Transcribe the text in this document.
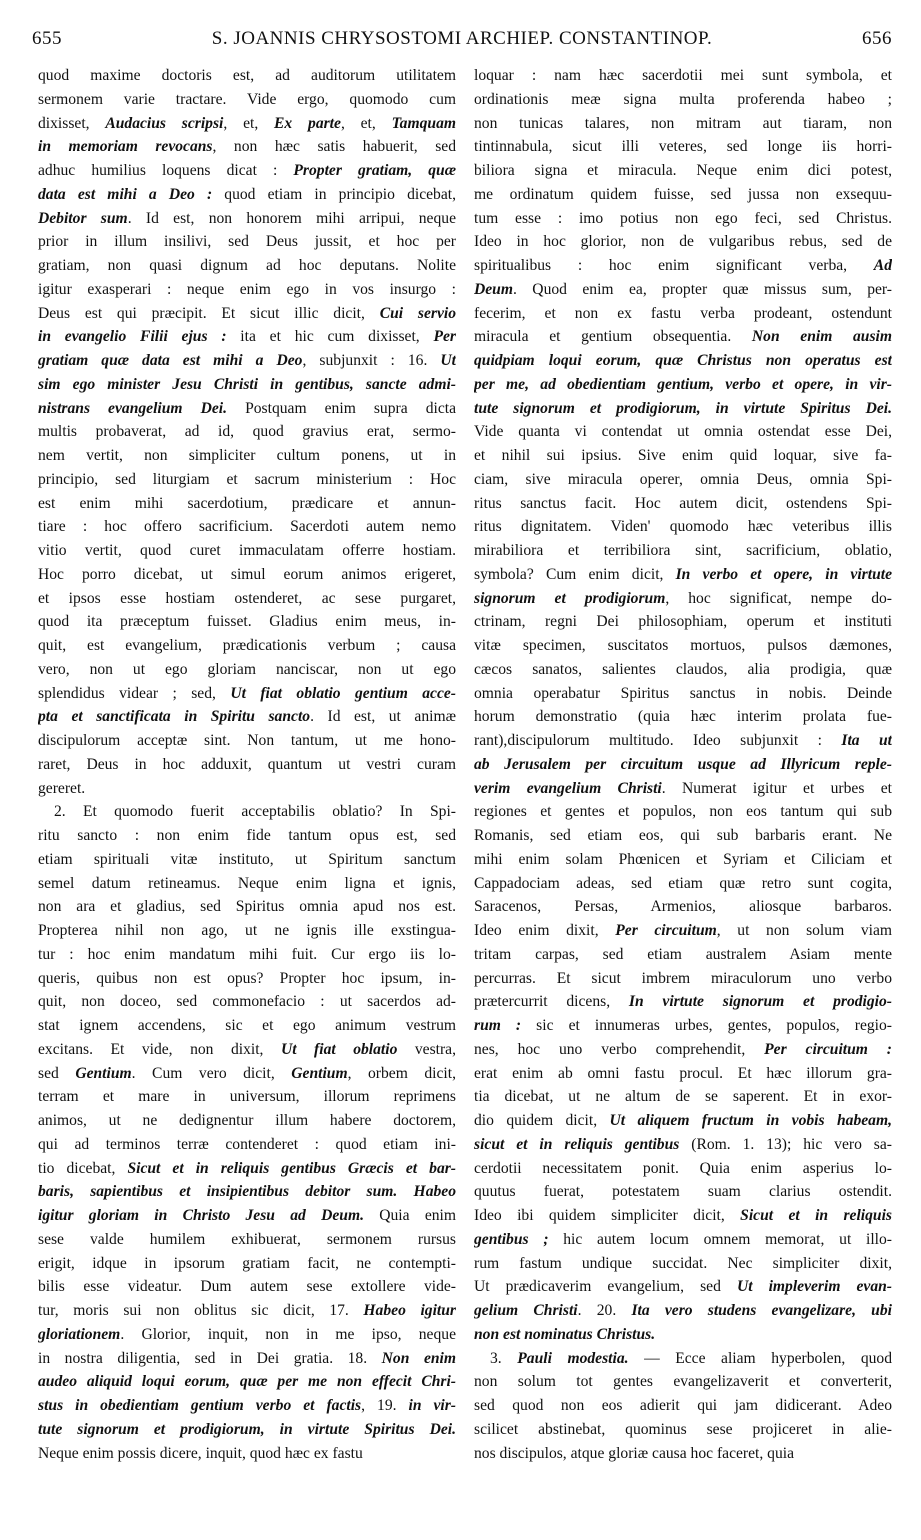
655	S. JOANNIS CHRYSOSTOMI ARCHIEP. CONSTANTINOP.	656
quod maxime doctoris est, ad auditorum utilitatem
sermonem varie tractare. Vide ergo, quomodo cum
dixisset, Audacius scripsi, et, Ex parte, et, Tamquam
in memoriam revocans, non hæc satis habuerit, sed
adhuc humilius loquens dicat : Propter gratiam, quæ
data est mihi a Deo : quod etiam in principio dicebat,
Debitor sum. Id est, non honorem mihi arripui, neque
prior in illum insilivi, sed Deus jussit, et hoc per
gratiam, non quasi dignum ad hoc deputans. Nolite
igitur exasperari : neque enim ego in vos insurgo :
Deus est qui præcipit. Et sicut illic dicit, Cui servio
in evangelio Filii ejus : ita et hic cum dixisset, Per
gratiam quæ data est mihi a Deo, subjunxit : 16. Ut
sim ego minister Jesu Christi in gentibus, sancte admi-
nistrans evangelium Dei. Postquam enim supra dicta
multis probaverat, ad id, quod gravius erat, sermo-
nem vertit, non simpliciter cultum ponens, ut in
principio, sed liturgiam et sacrum ministerium : Hoc
est enim mihi sacerdotium, prædicare et annun-
tiare : hoc offero sacrificium. Sacerdoti autem nemo
vitio vertit, quod curet immaculatam offerre hostiam.
Hoc porro dicebat, ut simul eorum animos erigeret,
et ipsos esse hostiam ostenderet, ac sese purgaret,
quod ita præceptum fuisset. Gladius enim meus, in-
quit, est evangelium, prædicationis verbum ; causa
vero, non ut ego gloriam nanciscar, non ut ego
splendidus videar ; sed, Ut fiat oblatio gentium acce-
pta et sanctificata in Spiritu sancto. Id est, ut animæ
discipulorum acceptæ sint. Non tantum, ut me hono-
raret, Deus in hoc adduxit, quantum ut vestri curam
gereret.
2. Et quomodo fuerit acceptabilis oblatio? In Spi-
ritu sancto : non enim fide tantum opus est, sed
etiam spirituali vitæ instituto, ut Spiritum sanctum
semel datum retineamus. Neque enim ligna et ignis,
non ara et gladius, sed Spiritus omnia apud nos est.
Propterea nihil non ago, ut ne ignis ille exstingua-
tur : hoc enim mandatum mihi fuit. Cur ergo iis lo-
queris, quibus non est opus? Propter hoc ipsum, in-
quit, non doceo, sed commonefacio : ut sacerdos ad-
stat ignem accendens, sic et ego animum vestrum
excitans. Et vide, non dixit, Ut fiat oblatio vestra,
sed Gentium. Cum vero dicit, Gentium, orbem dicit,
terram et mare in universum, illorum reprimens
animos, ut ne dedignentur illum habere doctorem,
qui ad terminos terræ contenderet : quod etiam ini-
tio dicebat, Sicut et in reliquis gentibus Græcis et bar-
baris, sapientibus et insipientibus debitor sum. Habeo
igitur gloriam in Christo Jesu ad Deum. Quia enim
sese valde humilem exhibuerat, sermonem rursus
erigit, idque in ipsorum gratiam facit, ne contempti-
bilis esse videatur. Dum autem sese extollere vide-
tur, moris sui non oblitus sic dicit, 17. Habeo igitur
gloriationem. Glorior, inquit, non in me ipso, neque
in nostra diligentia, sed in Dei gratia. 18. Non enim
audeo aliquid loqui eorum, quæ per me non effecit Chri-
stus in obedientiam gentium verbo et factis, 19. in vir-
tute signorum et prodigiorum, in virtute Spiritus Dei.
Neque enim possis dicere, inquit, quod hæc ex fastu
loquar : nam hæc sacerdotii mei sunt symbola, et
ordinationis meæ signa multa proferenda habeo ;
non tunicas talares, non mitram aut tiaram, non
tintinnabula, sicut illi veteres, sed longe iis horri-
biliora signa et miracula. Neque enim dici potest,
me ordinatum quidem fuisse, sed jussa non exsequu-
tum esse : imo potius non ego feci, sed Christus.
Ideo in hoc glorior, non de vulgaribus rebus, sed de
spiritualibus : hoc enim significant verba, Ad
Deum. Quod enim ea, propter quæ missus sum, per-
fecerim, et non ex fastu verba prodeant, ostendunt
miracula et gentium obsequentia. Non enim ausim
quidpiam loqui eorum, quæ Christus non operatus est
per me, ad obedientiam gentium, verbo et opere, in vir-
tute signorum et prodigiorum, in virtute Spiritus Dei.
Vide quanta vi contendat ut omnia ostendat esse Dei,
et nihil sui ipsius. Sive enim quid loquar, sive fa-
ciam, sive miracula operer, omnia Deus, omnia Spi-
ritus sanctus facit. Hoc autem dicit, ostendens Spi-
ritus dignitatem. Viden' quomodo hæc veteribus illis
mirabiliora et terribiliora sint, sacrificium, oblatio,
symbola? Cum enim dicit, In verbo et opere, in virtute
signorum et prodigiorum, hoc significat, nempe do-
ctrinam, regni Dei philosophiam, operum et instituti
vitæ specimen, suscitatos mortuos, pulsos dæmones,
cæcos sanatos, salientes claudos, alia prodigia, quæ
omnia operabatur Spiritus sanctus in nobis. Deinde
horum demonstratio (quia hæc interim prolata fue-
rant),discipulorum multitudo. Ideo subjunxit : Ita ut
ab Jerusalem per circuitum usque ad Illyricum reple-
verim evangelium Christi. Numerat igitur et urbes et
regiones et gentes et populos, non eos tantum qui sub
Romanis, sed etiam eos, qui sub barbaris erant. Ne
mihi enim solam Phœnicen et Syriam et Ciliciam et
Cappadociam adeas, sed etiam quæ retro sunt cogita,
Saracenos, Persas, Armenios, aliosque barbaros.
Ideo enim dixit, Per circuitum, ut non solum viam
tritam carpas, sed etiam australem Asiam mente
percurras. Et sicut imbrem miraculorum uno verbo
prætercurrit dicens, In virtute signorum et prodigio-
rum : sic et innumeras urbes, gentes, populos, regio-
nes, hoc uno verbo comprehendit, Per circuitum :
erat enim ab omni fastu procul. Et hæc illorum gra-
tia dicebat, ut ne altum de se saperent. Et in exor-
dio quidem dicit, Ut aliquem fructum in vobis habeam,
sicut et in reliquis gentibus (Rom. 1. 13); hic vero sa-
cerdotii necessitatem ponit. Quia enim asperius lo-
quutus fuerat, potestatem suam clarius ostendit.
Ideo ibi quidem simpliciter dicit, Sicut et in reliquis
gentibus ; hic autem locum omnem memorat, ut illo-
rum fastum undique succidat. Nec simpliciter dixit,
Ut prædicaverim evangelium, sed Ut impleverim evan-
gelium Christi. 20. Ita vero studens evangelizare, ubi
non est nominatus Christus.
3. Pauli modestia. — Ecce aliam hyperbolen, quod
non solum tot gentes evangelizaverit et converterit,
sed quod non eos adierit qui jam didicerant. Adeo
scilicet abstinebat, quominus sese projiceret in alie-
nos discipulos, atque gloriæ causa hoc faceret, quia
